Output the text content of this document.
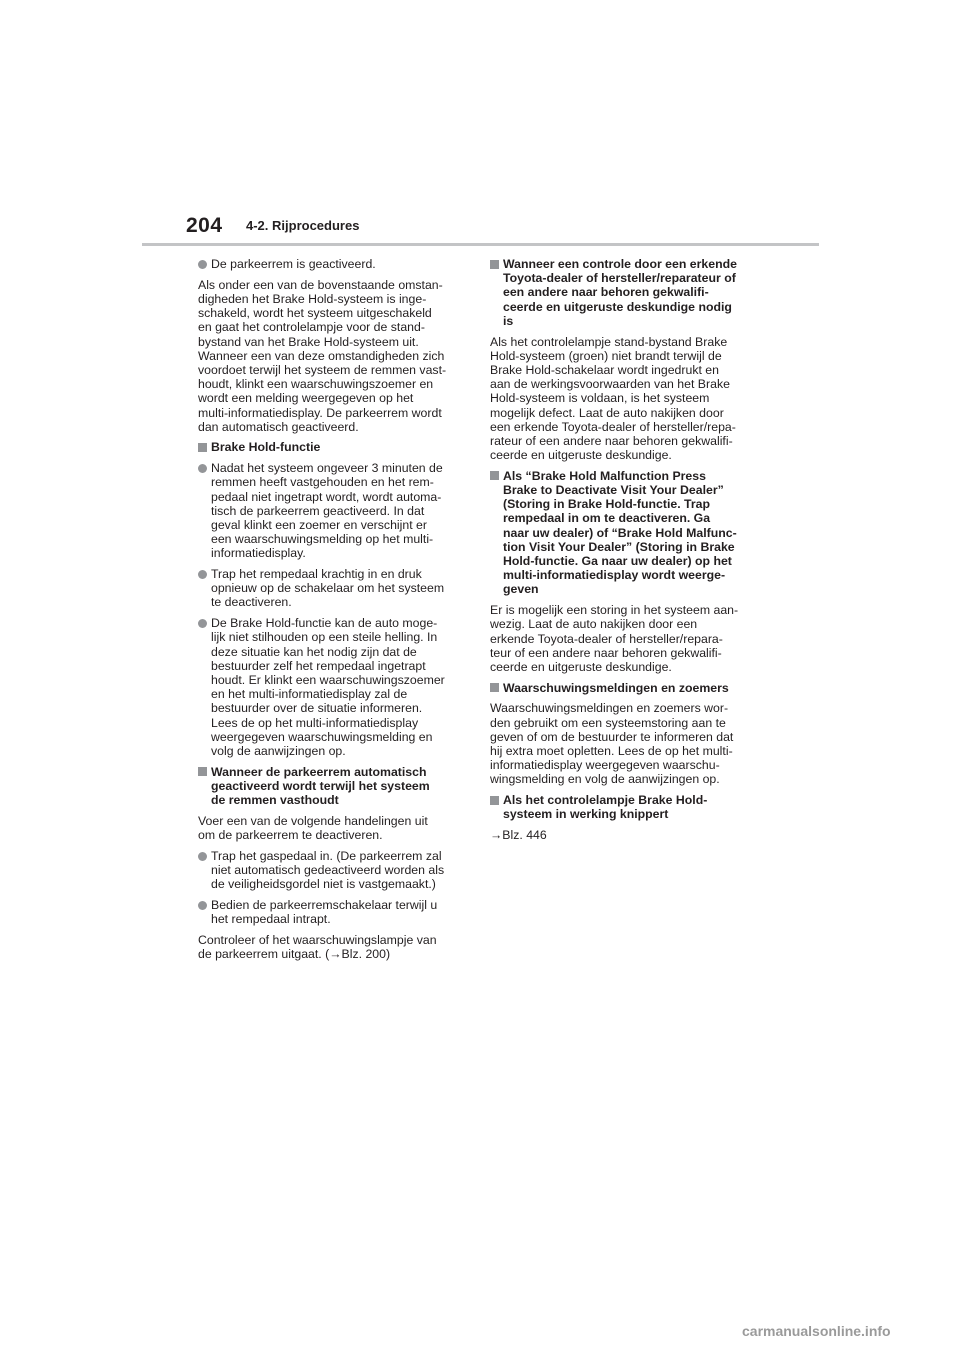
204 4-2. Rijprocedures
De parkeerrem is geactiveerd.
Als onder een van de bovenstaande omstan-
digheden het Brake Hold-systeem is inge-
schakeld, wordt het systeem uitgeschakeld
en gaat het controlelampje voor de stand-
bystand van het Brake Hold-systeem uit.
Wanneer een van deze omstandigheden zich
voordoet terwijl het systeem de remmen vast-
houdt, klinkt een waarschuwingszoemer en
wordt een melding weergegeven op het
multi-informatiedisplay. De parkeerrem wordt
dan automatisch geactiveerd.
Brake Hold-functie
Nadat het systeem ongeveer 3 minuten de
remmen heeft vastgehouden en het rem-
pedaal niet ingetrapt wordt, wordt automa-
tisch de parkeerrem geactiveerd. In dat
geval klinkt een zoemer en verschijnt er
een waarschuwingsmelding op het multi-
informatiedisplay.
Trap het rempedaal krachtig in en druk
opnieuw op de schakelaar om het systeem
te deactiveren.
De Brake Hold-functie kan de auto moge-
lijk niet stilhouden op een steile helling. In
deze situatie kan het nodig zijn dat de
bestuurder zelf het rempedaal ingetrapt
houdt. Er klinkt een waarschuwingszoemer
en het multi-informatiedisplay zal de
bestuurder over de situatie informeren.
Lees de op het multi-informatiedisplay
weergegeven waarschuwingsmelding en
volg de aanwijzingen op.
Wanneer de parkeerrem automatisch
geactiveerd wordt terwijl het systeem
de remmen vasthoudt
Voer een van de volgende handelingen uit
om de parkeerrem te deactiveren.
Trap het gaspedaal in. (De parkeerrem zal
niet automatisch gedeactiveerd worden als
de veiligheidsgordel niet is vastgemaakt.)
Bedien de parkeerremschakelaar terwijl u
het rempedaal intrapt.
Controleer of het waarschuwingslampje van
de parkeerrem uitgaat. (→Blz. 200)
Wanneer een controle door een erkende
Toyota-dealer of hersteller/reparateur of
een andere naar behoren gekwalifi-
ceerde en uitgeruste deskundige nodig
is
Als het controlelampje stand-bystand Brake
Hold-systeem (groen) niet brandt terwijl de
Brake Hold-schakelaar wordt ingedrukt en
aan de werkingsvoorwaarden van het Brake
Hold-systeem is voldaan, is het systeem
mogelijk defect. Laat de auto nakijken door
een erkende Toyota-dealer of hersteller/repa-
rateur of een andere naar behoren gekwalifi-
ceerde en uitgeruste deskundige.
Als “Brake Hold Malfunction Press
Brake to Deactivate Visit Your Dealer”
(Storing in Brake Hold-functie. Trap
rempedaal in om te deactiveren. Ga
naar uw dealer) of “Brake Hold Malfunc-
tion Visit Your Dealer” (Storing in Brake
Hold-functie. Ga naar uw dealer) op het
multi-informatiedisplay wordt weerge-
geven
Er is mogelijk een storing in het systeem aan-
wezig. Laat de auto nakijken door een
erkende Toyota-dealer of hersteller/repara-
teur of een andere naar behoren gekwalifi-
ceerde en uitgeruste deskundige.
Waarschuwingsmeldingen en zoemers
Waarschuwingsmeldingen en zoemers wor-
den gebruikt om een systeemstoring aan te
geven of om de bestuurder te informeren dat
hij extra moet opletten. Lees de op het multi-
informatiedisplay weergegeven waarschu-
wingsmelding en volg de aanwijzingen op.
Als het controlelampje Brake Hold-
systeem in werking knippert
→Blz. 446
carmanualsonline.info
